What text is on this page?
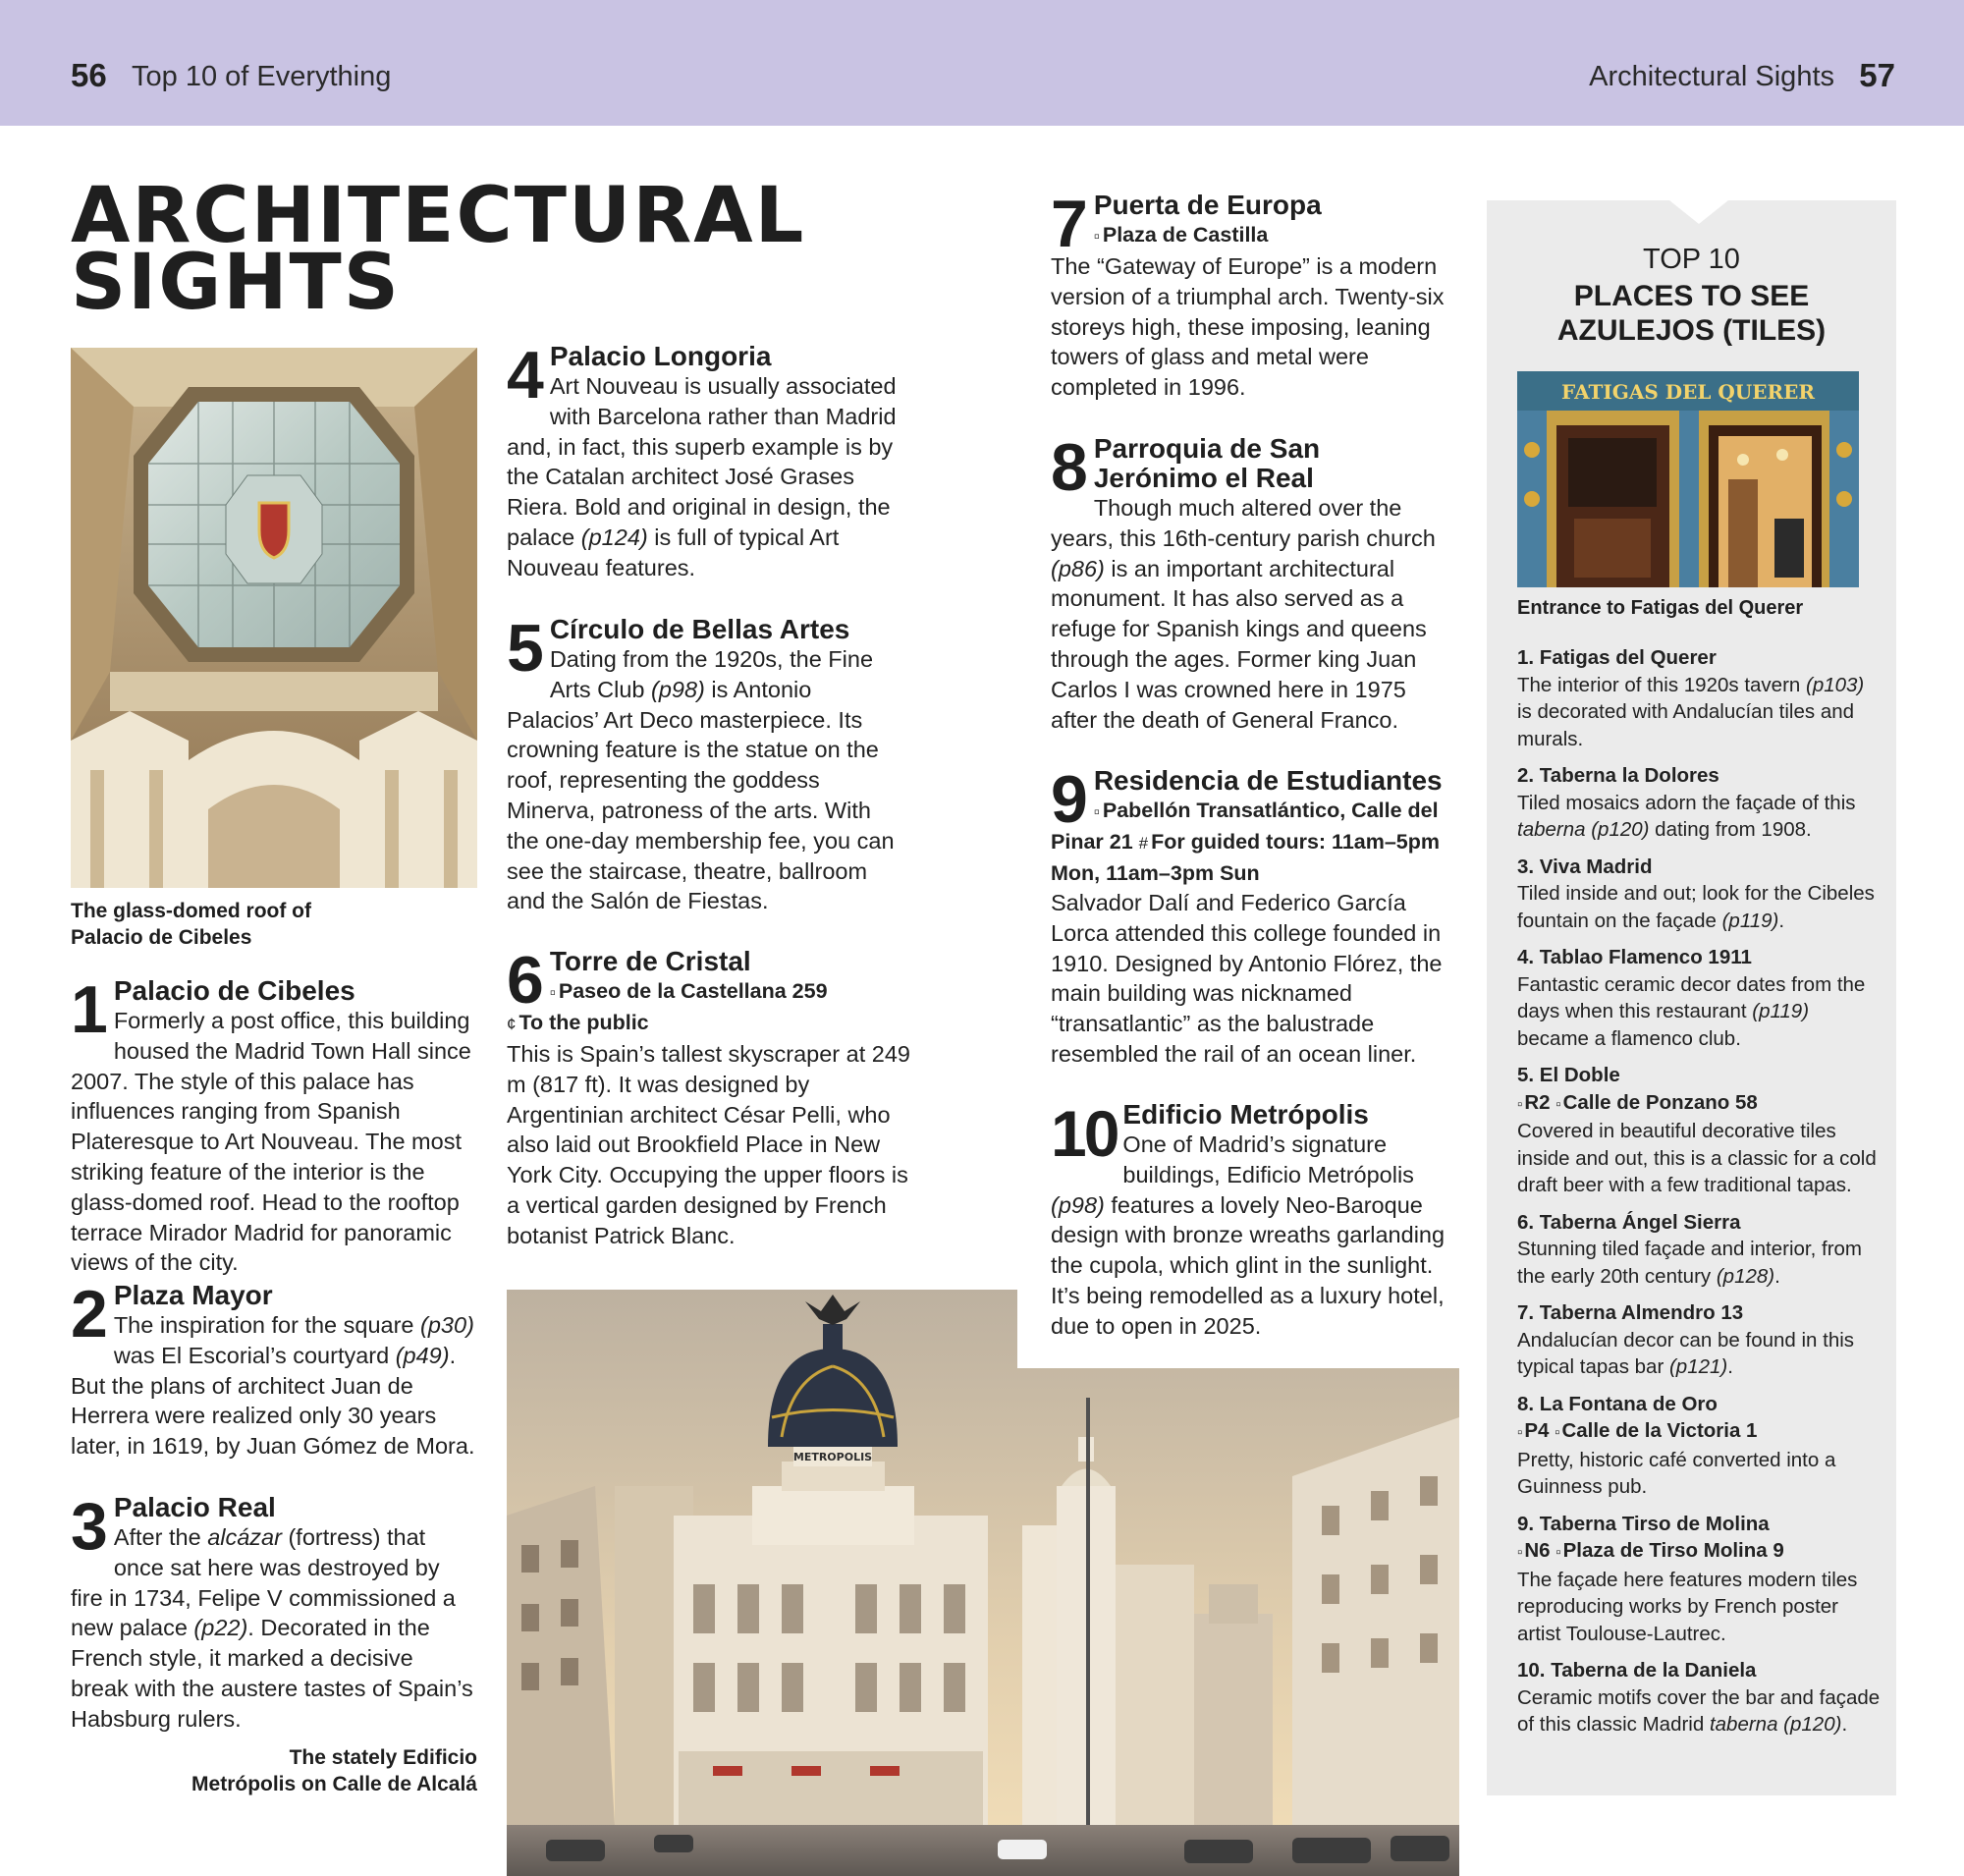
56 Top 10 of Everything	Architectural Sights 57
ARCHITECTURAL
SIGHTS
The glass-domed roof of
Palacio de Cibeles
1 Palacio de Cibeles

Formerly a post office, this building housed the Madrid Town Hall since 2007. The style of this palace has influences ranging from Spanish Plateresque to Art Nouveau. The most striking feature of the interior is the glass-domed roof. Head to the rooftop terrace Mirador Madrid for panoramic views of the city.

2 Plaza Mayor

The inspiration for the square (p30) was El Escorial’s courtyard (p49). But the plans of architect Juan de Herrera were realized only 30 years later, in 1619, by Juan Gómez de Mora.

3 Palacio Real

After the alcázar (fortress) that once sat here was destroyed by fire in 1734, Felipe V commissioned a new palace (p22). Decorated in the French style, it marked a decisive break with the austere tastes of Spain’s Habsburg rulers.

The stately Edificio
Metrópolis on Calle de Alcalá
4 Palacio Longoria

Art Nouveau is usually associated with Barcelona rather than Madrid and, in fact, this superb example is by the Catalan architect José Grases Riera. Bold and original in design, the palace (p124) is full of typical Art Nouveau features.

5 Círculo de Bellas Artes

Dating from the 1920s, the Fine Arts Club (p98) is Antonio Palacios’ Art Deco masterpiece. Its crowning feature is the statue on the roof, representing the goddess Minerva, patroness of the arts. With the one-day membership fee, you can see the staircase, theatre, ballroom and the Salón de Fiestas.

6 Torre de Cristal
▫ Paseo de la Castellana 259
¢ To the public

This is Spain’s tallest skyscraper at 249 m (817 ft). It was designed by Argentinian architect César Pelli, who also laid out Brookfield Place in New York City. Occupying the upper floors is a vertical garden designed by French botanist Patrick Blanc.

METROPOLIS
7 Puerta de Europa
▫ Plaza de Castilla

The “Gateway of Europe” is a modern version of a triumphal arch. Twenty-six storeys high, these imposing, leaning towers of glass and metal were completed in 1996.

8 Parroquia de San
Jerónimo el Real

Though much altered over the years, this 16th-century parish church (p86) is an important architectural monument. It has also served as a refuge for Spanish kings and queens through the ages. Former king Juan Carlos I was crowned here in 1975 after the death of General Franco.

9 Residencia de Estudiantes
▫ Pabellón Transatlántico, Calle del Pinar 21 # For guided tours: 11am–5pm Mon, 11am–3pm Sun

Salvador Dalí and Federico García Lorca attended this college founded in 1910. Designed by Antonio Flórez, the main building was nicknamed “transatlantic” as the balustrade resembled the rail of an ocean liner.

10 Edificio Metrópolis

One of Madrid’s signature buildings, Edificio Metrópolis (p98) features a lovely Neo-Baroque design with bronze wreaths garlanding the cupola, which glint in the sunlight. It’s being remodelled as a luxury hotel, due to open in 2025.

TOP 10
PLACES TO SEE
AZULEJOS (TILES)
FATIGAS DEL QUERER
Entrance to Fatigas del Querer
1. Fatigas del Querer

The interior of this 1920s tavern (p103) is decorated with Andalucían tiles and murals.

2. Taberna la Dolores

Tiled mosaics adorn the façade of this taberna (p120) dating from 1908.

3. Viva Madrid

Tiled inside and out; look for the Cibeles fountain on the façade (p119).

4. Tablao Flamenco 1911

Fantastic ceramic decor dates from the days when this restaurant (p119) became a flamenco club.

5. El Doble
▫R2 ▫Calle de Ponzano 58

Covered in beautiful decorative tiles inside and out, this is a classic for a cold draft beer with a few traditional tapas.

6. Taberna Ángel Sierra

Stunning tiled façade and interior, from the early 20th century (p128).

7. Taberna Almendro 13

Andalucían decor can be found in this typical tapas bar (p121).

8. La Fontana de Oro
▫P4 ▫Calle de la Victoria 1

Pretty, historic café converted into a Guinness pub.

9. Taberna Tirso de Molina
▫N6 ▫Plaza de Tirso Molina 9

The façade here features modern tiles reproducing works by French poster artist Toulouse-Lautrec.

10. Taberna de la Daniela

Ceramic motifs cover the bar and façade of this classic Madrid taberna (p120).
